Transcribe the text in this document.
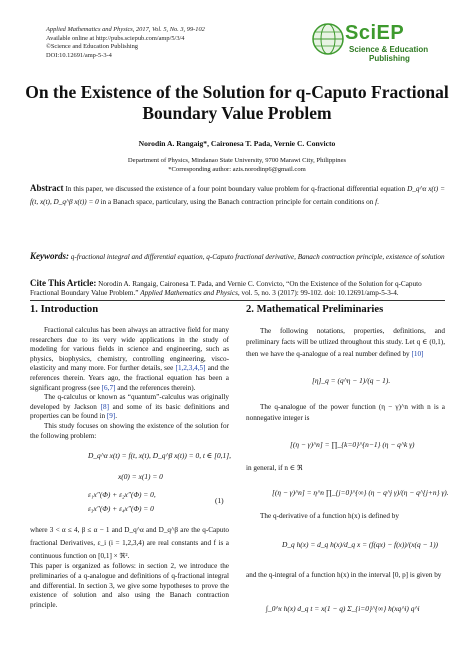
Applied Mathematics and Physics, 2017, Vol. 5, No. 3, 99-102
Available online at http://pubs.sciepub.com/amp/5/3/4
©Science and Education Publishing
DOI:10.12691/amp-5-3-4
SciEP
Science & Education
Publishing
On the Existence of the Solution for q-Caputo Fractional
Boundary Value Problem
Norodin A. Rangaig*, Caironesa T. Pada, Vernie C. Convicto
Department of Physics, Mindanao State University, 9700 Marawi City, Philippines
*Corresponding author: azis.norodinp6@gmail.com
Abstract In this paper, we discussed the existence of a four point boundary value problem for q-fractional differential equation D_q^α x(t) = f(t, x(t), D_q^β x(t)) = 0 in a Banach space, particulary, using the Banach contraction principle for certain conditions on f.
Keywords: q-fractional integral and differential equation, q-Caputo fractional derivative, Banach contraction principle, existence of solution
Cite This Article: Norodin A. Rangaig, Caironesa T. Pada, and Vernie C. Convicto, “On the Existence of the Solution for q-Caputo Fractional Boundary Value Problem.” Applied Mathematics and Physics, vol. 5, no. 3 (2017): 99-102. doi: 10.12691/amp-5-3-4.
1. Introduction

Fractional calculus has been always an attractive field for many researchers due to its very wide applications in the study of modeling for various fields in science and engineering, such as physics, biophysics, chemistry, controlling engineering, visco-elasticity and many more. For further details, see [1,2,3,4,5] and the references therein. Years ago, the fractional equation has been a significant progress (see [6,7] and the references therein).

The q-calculus or known as “quantum”-calculus was originally developed by Jackson [8] and some of its basic definitions and properties can be found in [9].

This study focuses on showing the existence of the solution for the following problem:

D_q^α x(t) = f(t, x(t), D_q^β x(t)) = 0, t ∈ [0,1],
x(0) = x(1) = 0
ε₁x″(Φ) + ε₂x″(Φ) = 0,
ε₃x″(Φ) + ε₄x″(Φ) = 0
(1)
where 3 < α ≤ 4, β ≤ α − 1 and D_q^α and D_q^β are the q-Caputo fractional Derivatives, ε_i (i = 1,2,3,4) are real constants and f is a continuous function on [0,1] × ℜ².
This paper is organized as follows: in section 2, we introduce the preliminaries of a q-analogue and definitions of q-fractional integral and differential. In section 3, we give some hypotheses to prove the existence of solution and also using the Banach contraction principle.
2. Mathematical Preliminaries

The following notations, properties, definitions, and preliminary facts will be utlized throughout this study. Let q ∈ (0,1), then we have the q-analogue of a real number defined by [10]

[η]_q = (q^η − 1)/(q − 1).

The q-analogue of the power function (η − γ)^n with n is a nonnegative integer is

[(η − γ)^n] = ∏_{k=0}^{n−1} (η − q^k γ)
in general, if n ∈ ℜ
[(η − γ)^n] = η^n ∏_{j=0}^{∞} (η − q^j γ)/(η − q^{j+n} γ).

The q-derivative of a function h(x) is defined by

D_q h(x) = d_q h(x)/d_q x = (f(qx) − f(x))/(x(q − 1))
and the q-integral of a function h(x) in the interval [0, p] is given by
∫_0^x h(x) d_q t = x(1 − q) Σ_{i=0}^{∞} h(xq^i) q^i
